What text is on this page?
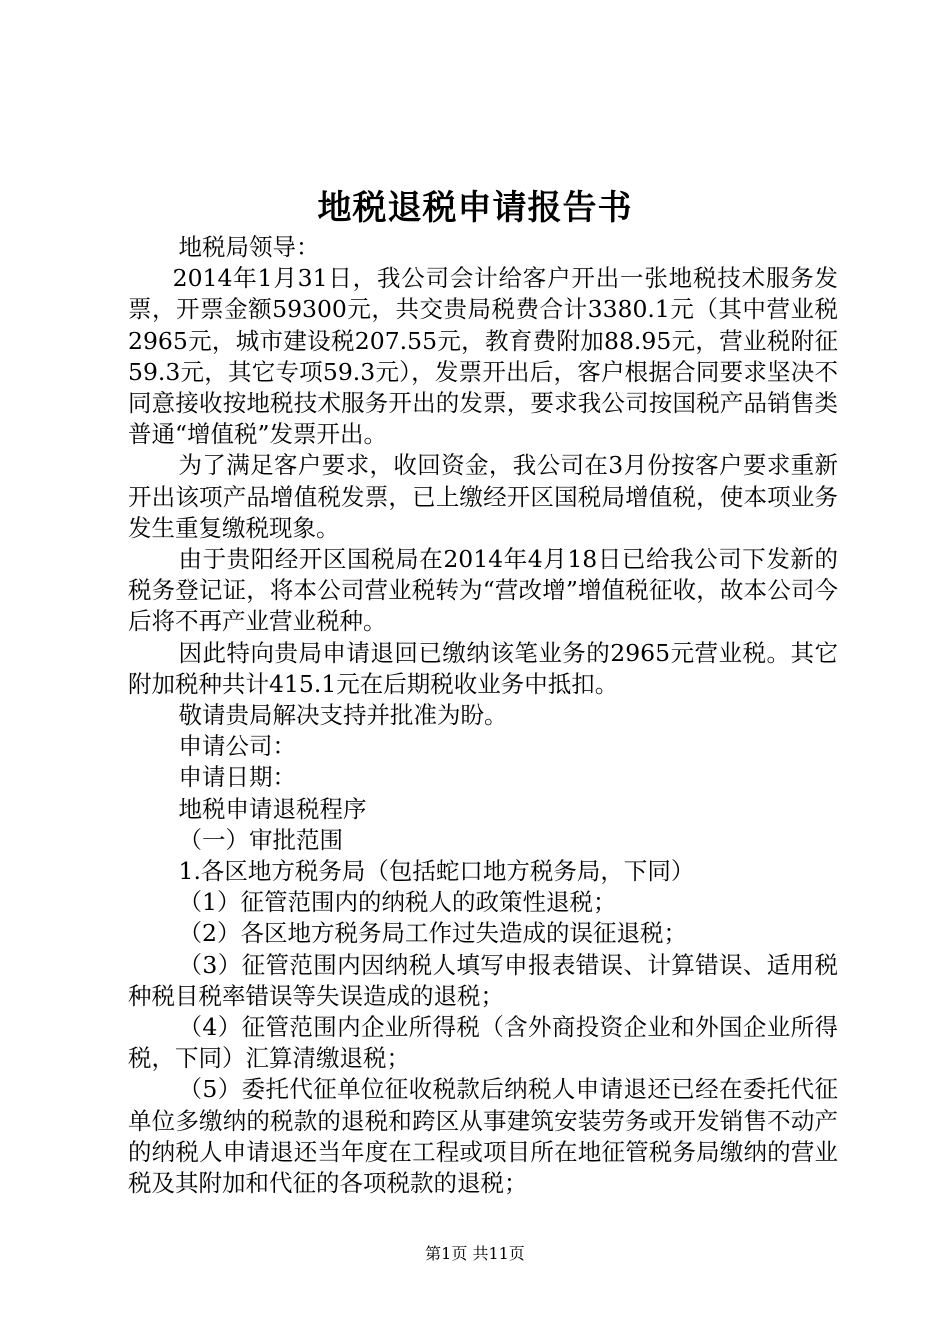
地税退税申请报告书

地税局领导：

2014年1月31日，我公司会计给客户开出一张地税技术服务发票，开票金额59300元，共交贵局税费合计3380.1元（其中营业税2965元，城市建设税207.55元，教育费附加88.95元，营业税附征59.3元，其它专项59.3元），发票开出后，客户根据合同要求坚决不同意接收按地税技术服务开出的发票，要求我公司按国税产品销售类普通“增值税”发票开出。

为了满足客户要求，收回资金，我公司在3月份按客户要求重新开出该项产品增值税发票，已上缴经开区国税局增值税，使本项业务发生重复缴税现象。

由于贵阳经开区国税局在2014年4月18日已给我公司下发新的税务登记证，将本公司营业税转为“营改增”增值税征收，故本公司今后将不再产业营业税种。

因此特向贵局申请退回已缴纳该笔业务的2965元营业税。其它附加税种共计415.1元在后期税收业务中抵扣。

敬请贵局解决支持并批准为盼。

申请公司：

申请日期：

地税申请退税程序

（一）审批范围

1.各区地方税务局（包括蛇口地方税务局，下同）

（1）征管范围内的纳税人的政策性退税；

（2）各区地方税务局工作过失造成的误征退税；

（3）征管范围内因纳税人填写申报表错误、计算错误、适用税种税目税率错误等失误造成的退税；

（4）征管范围内企业所得税（含外商投资企业和外国企业所得税，下同）汇算清缴退税；

（5）委托代征单位征收税款后纳税人申请退还已经在委托代征单位多缴纳的税款的退税和跨区从事建筑安装劳务或开发销售不动产的纳税人申请退还当年度在工程或项目所在地征管税务局缴纳的营业税及其附加和代征的各项税款的退税；

第1页 共11页
